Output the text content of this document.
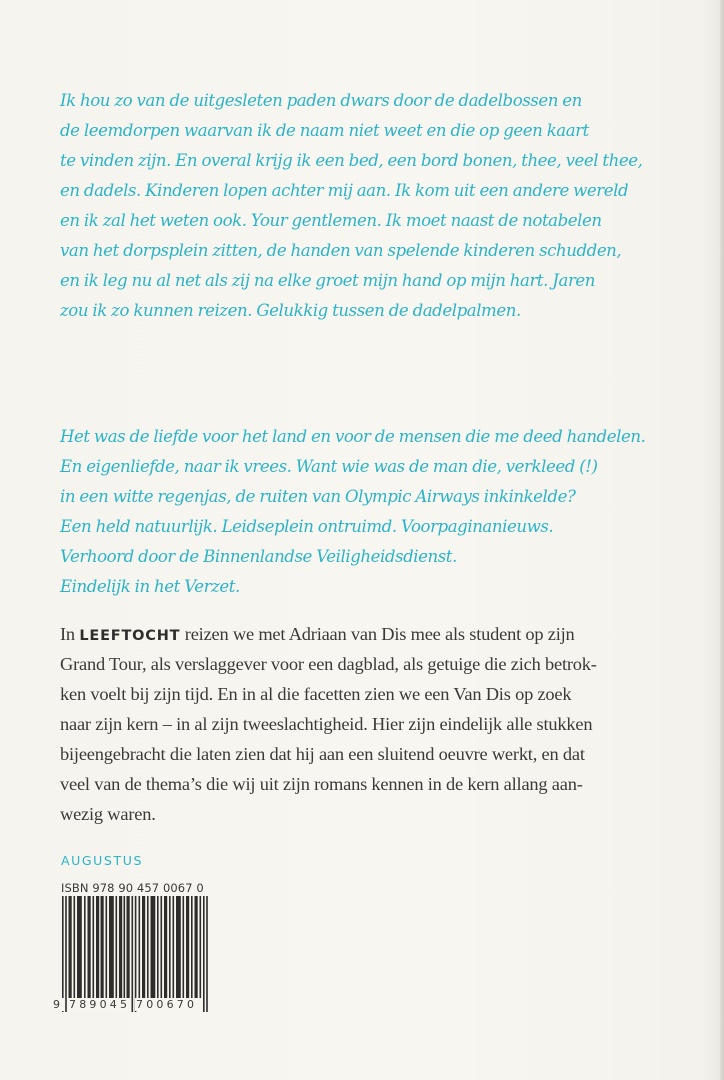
Ik hou zo van de uitgesleten paden dwars door de dadelbossen en
de leemdorpen waarvan ik de naam niet weet en die op geen kaart
te vinden zijn. En overal krijg ik een bed, een bord bonen, thee, veel thee,
en dadels. Kinderen lopen achter mij aan. Ik kom uit een andere wereld
en ik zal het weten ook. Your gentlemen. Ik moet naast de notabelen
van het dorpsplein zitten, de handen van spelende kinderen schudden,
en ik leg nu al net als zij na elke groet mijn hand op mijn hart. Jaren
zou ik zo kunnen reizen. Gelukkig tussen de dadelpalmen.
Het was de liefde voor het land en voor de mensen die me deed handelen.
En eigenliefde, naar ik vrees. Want wie was de man die, verkleed (!)
in een witte regenjas, de ruiten van Olympic Airways inkinkelde?
Een held natuurlijk. Leidseplein ontruimd. Voorpaginanieuws.
Verhoord door de Binnenlandse Veiligheidsdienst.
Eindelijk in het Verzet.
In LEEFTOCHT reizen we met Adriaan van Dis mee als student op zijn
Grand Tour, als verslaggever voor een dagblad, als getuige die zich betrok-
ken voelt bij zijn tijd. En in al die facetten zien we een Van Dis op zoek
naar zijn kern – in al zijn tweeslachtigheid. Hier zijn eindelijk alle stukken
bijeengebracht die laten zien dat hij aan een sluitend oeuvre werkt, en dat
veel van de thema’s die wij uit zijn romans kennen in de kern allang aan-
wezig waren.
AUGUSTUS
ISBN 978 90 457 0067 0
9 789045 700670
